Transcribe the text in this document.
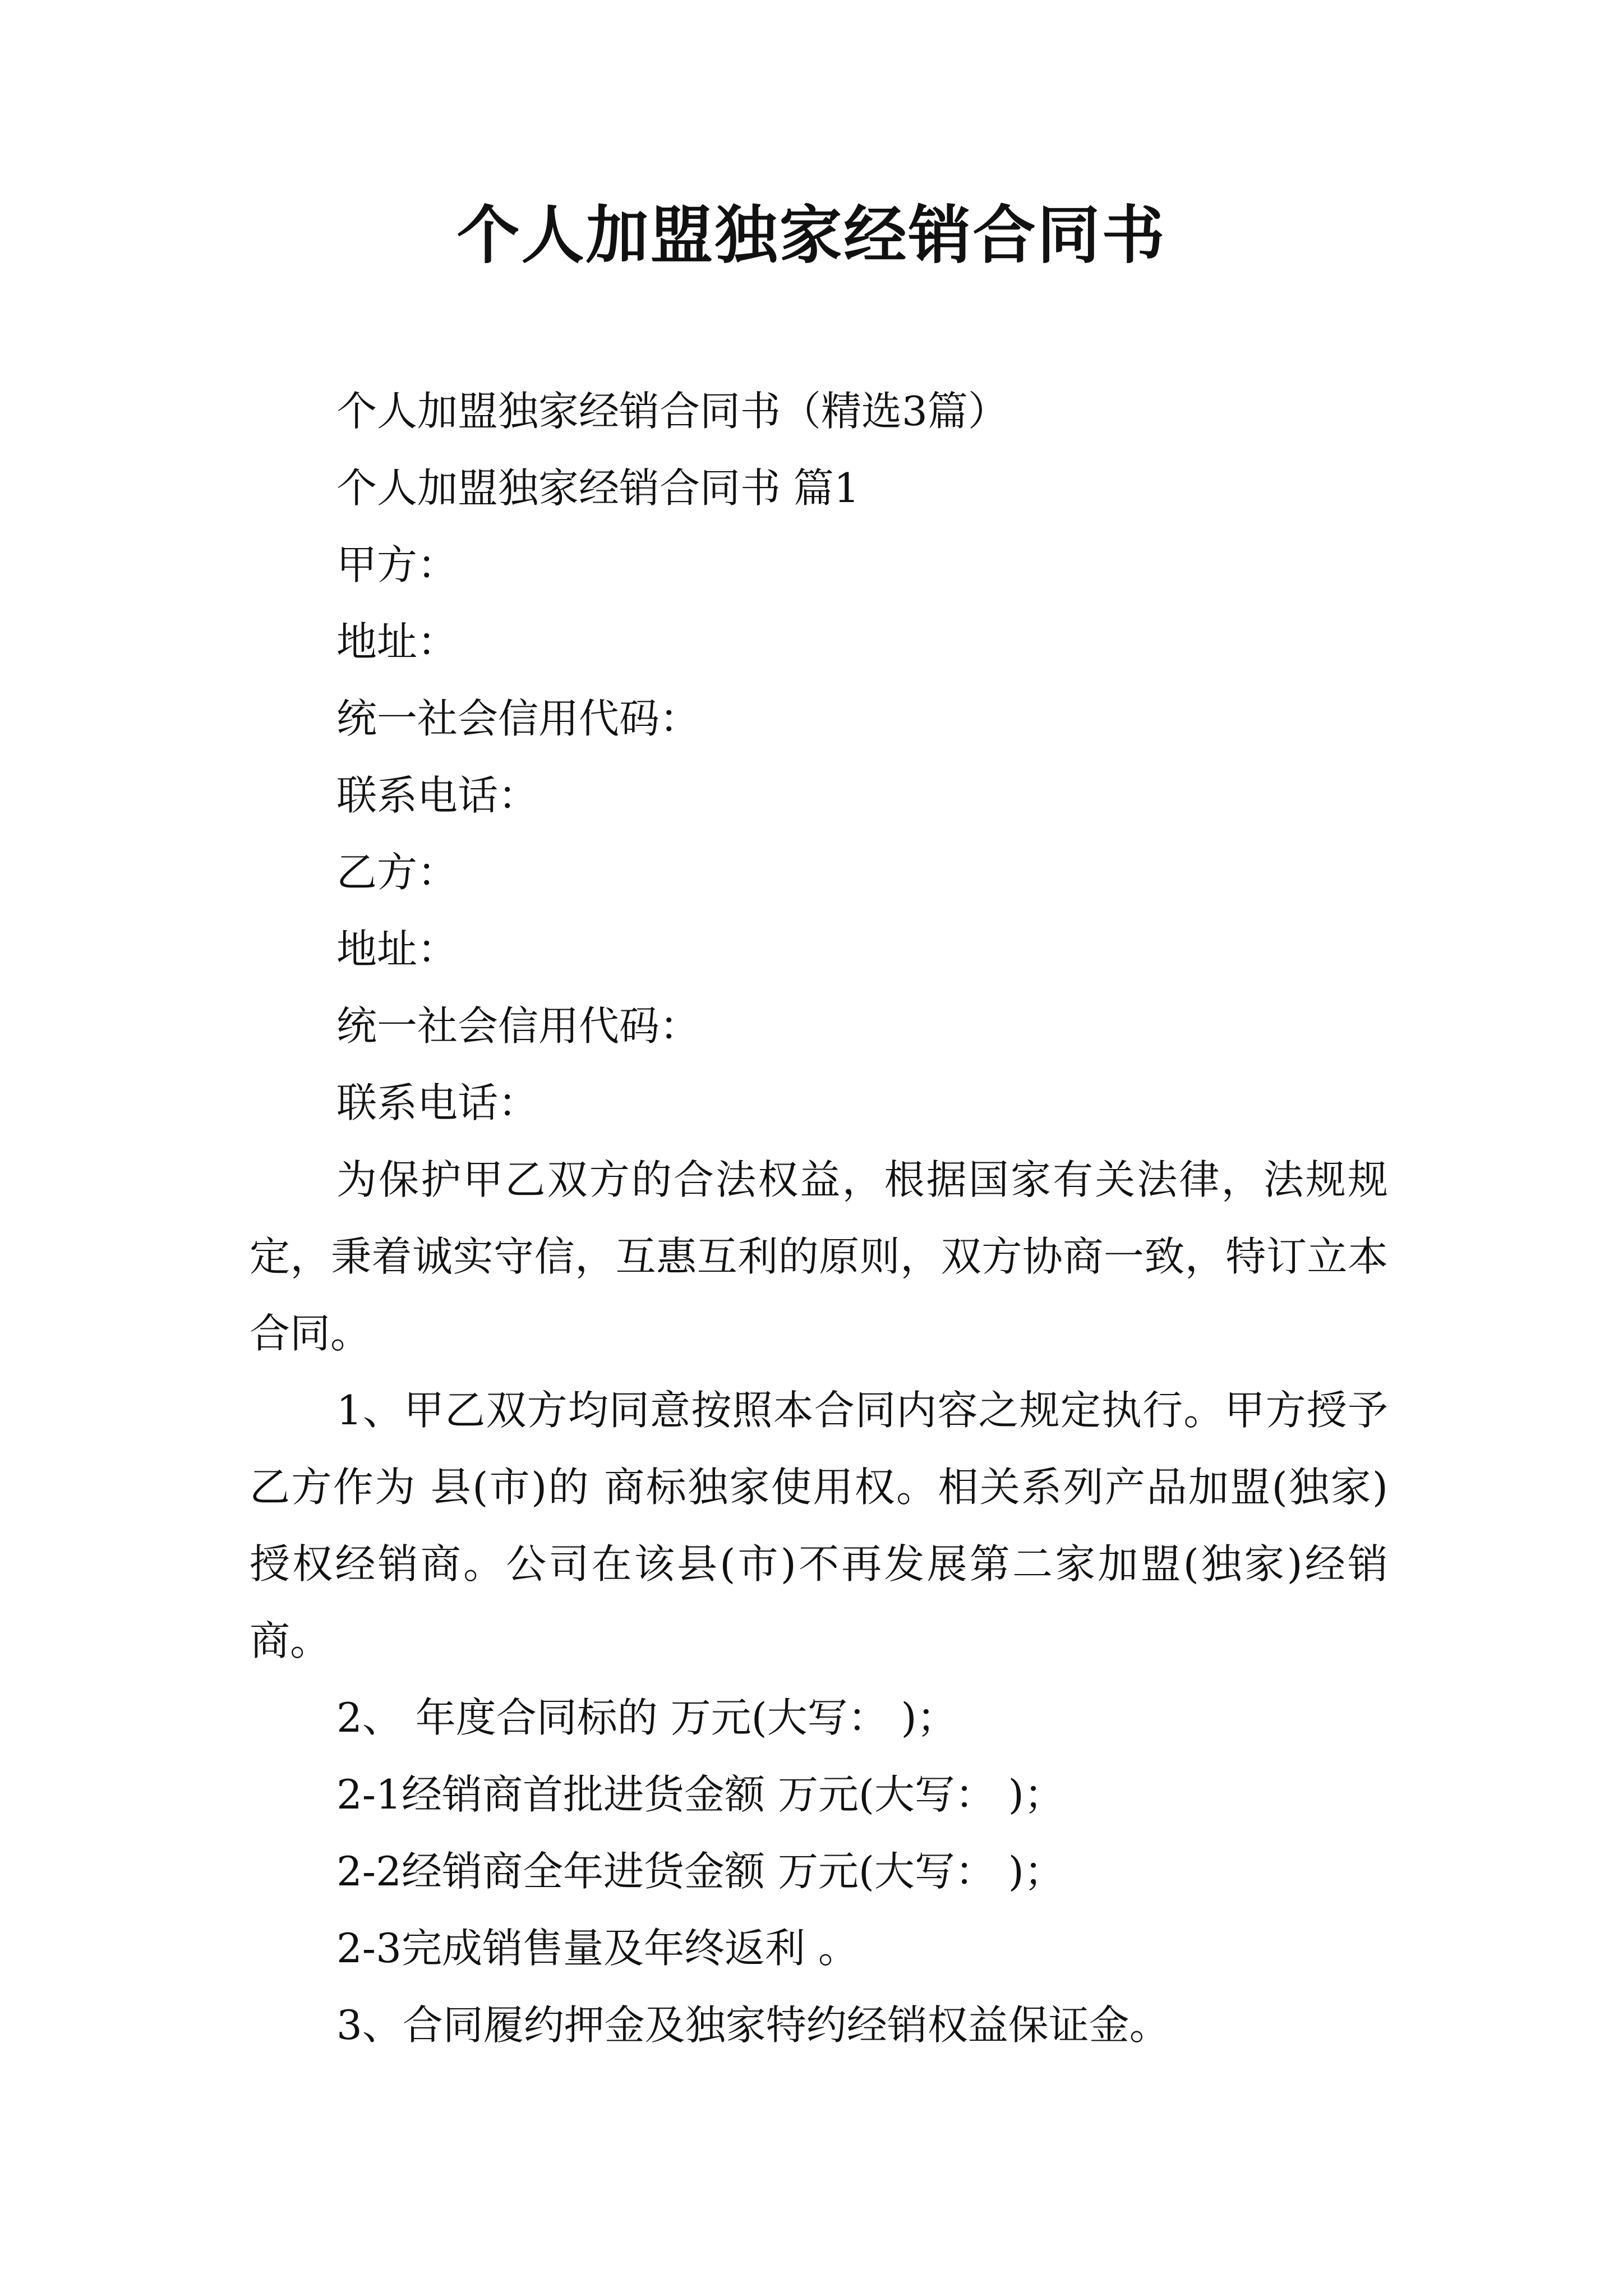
个人加盟独家经销合同书
个人加盟独家经销合同书（精选3篇）
个人加盟独家经销合同书 篇1
甲方：
地址：
统一社会信用代码：
联系电话：
乙方：
地址：
统一社会信用代码：
联系电话：

为保护甲乙双方的合法权益，根据国家有关法律，法规规定，秉着诚实守信，互惠互利的原则，双方协商一致，特订立本合同。

1、甲乙双方均同意按照本合同内容之规定执行。甲方授予乙方作为 县(市)的 商标独家使用权。相关系列产品加盟(独家)授权经销商。公司在该县(市)不再发展第二家加盟(独家)经销商。

2、 年度合同标的 万元(大写： )；
2-1经销商首批进货金额 万元(大写： )；
2-2经销商全年进货金额 万元(大写： )；
2-3完成销售量及年终返利 。
3、合同履约押金及独家特约经销权益保证金。
